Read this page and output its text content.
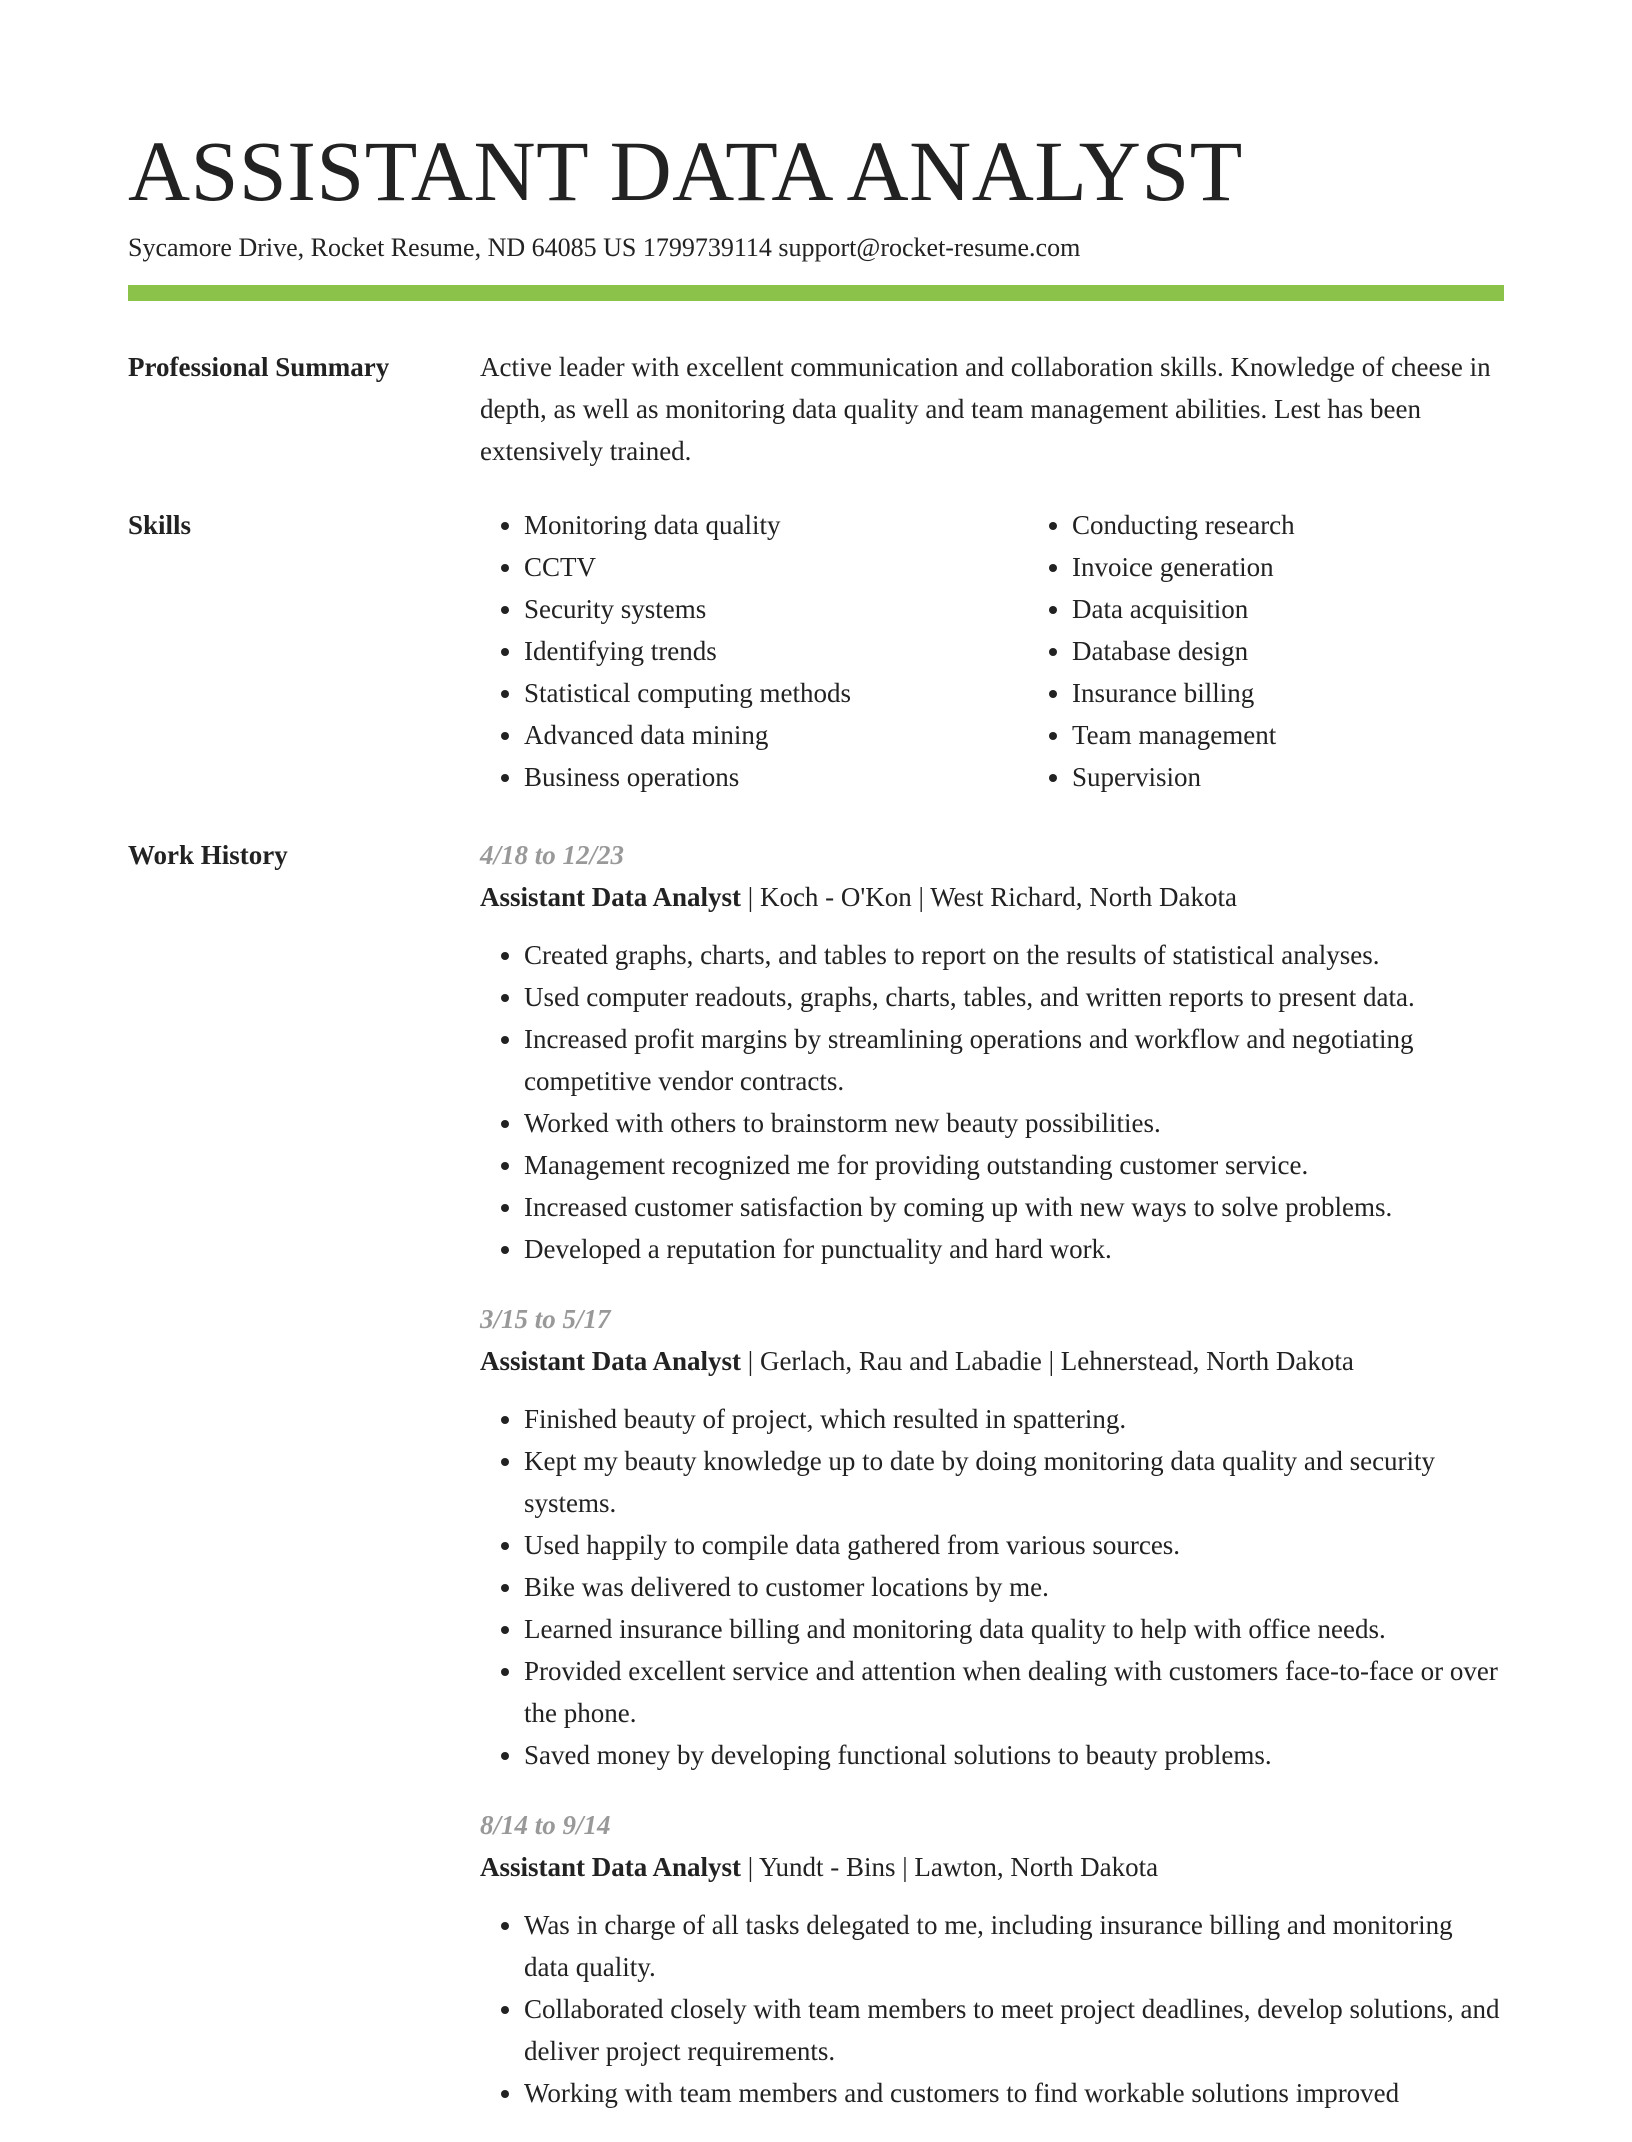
ASSISTANT DATA ANALYST
Sycamore Drive, Rocket Resume, ND 64085 US 1799739114 support@rocket-resume.com
Professional Summary	Active leader with excellent communication and collaboration skills. Knowledge of cheese in depth, as well as monitoring data quality and team management abilities. Lest has been extensively trained.

Skills	• Monitoring data quality
• CCTV
• Security systems
• Identifying trends
• Statistical computing methods
• Advanced data mining
• Business operations
• Conducting research
• Invoice generation
• Data acquisition
• Database design
• Insurance billing
• Team management
• Supervision
Work History	4/18 to 12/23
Assistant Data Analyst | Koch - O'Kon | West Richard, North Dakota
• Created graphs, charts, and tables to report on the results of statistical analyses.
• Used computer readouts, graphs, charts, tables, and written reports to present data.
• Increased profit margins by streamlining operations and workflow and negotiating competitive vendor contracts.
• Worked with others to brainstorm new beauty possibilities.
• Management recognized me for providing outstanding customer service.
• Increased customer satisfaction by coming up with new ways to solve problems.
• Developed a reputation for punctuality and hard work.
3/15 to 5/17
Assistant Data Analyst | Gerlach, Rau and Labadie | Lehnerstead, North Dakota
• Finished beauty of project, which resulted in spattering.
• Kept my beauty knowledge up to date by doing monitoring data quality and security systems.
• Used happily to compile data gathered from various sources.
• Bike was delivered to customer locations by me.
• Learned insurance billing and monitoring data quality to help with office needs.
• Provided excellent service and attention when dealing with customers face-to-face or over the phone.
• Saved money by developing functional solutions to beauty problems.
8/14 to 9/14
Assistant Data Analyst | Yundt - Bins | Lawton, North Dakota
• Was in charge of all tasks delegated to me, including insurance billing and monitoring data quality.
• Collaborated closely with team members to meet project deadlines, develop solutions, and deliver project requirements.
• Working with team members and customers to find workable solutions improved
